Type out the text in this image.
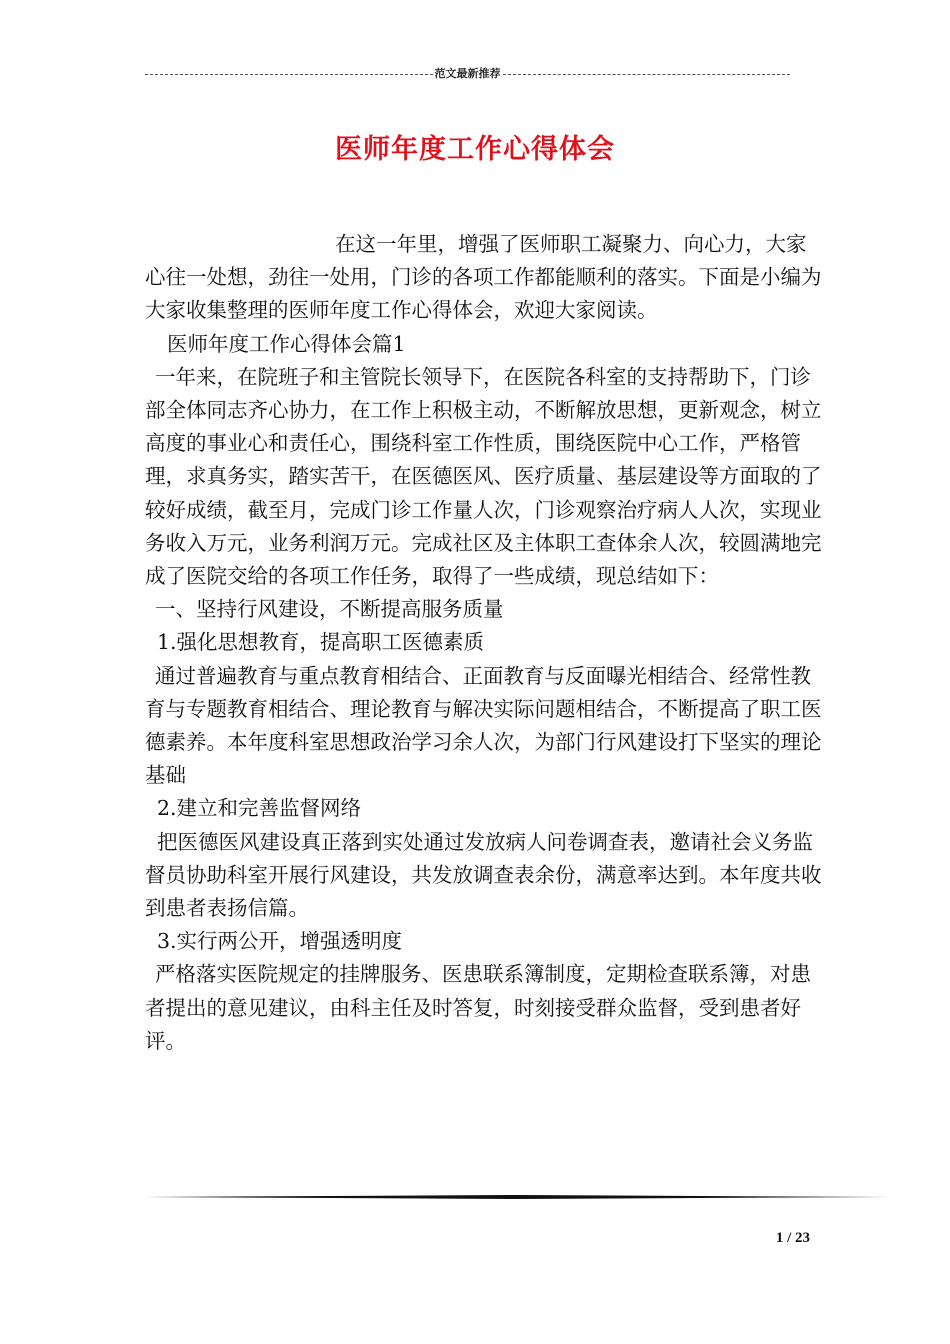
范文最新推荐
医师年度工作心得体会

在这一年里，增强了医师职工凝聚力、向心力，大家心往一处想，劲往一处用，门诊的各项工作都能顺利的落实。下面是小编为大家收集整理的医师年度工作心得体会，欢迎大家阅读。

医师年度工作心得体会篇1

一年来，在院班子和主管院长领导下，在医院各科室的支持帮助下，门诊部全体同志齐心协力，在工作上积极主动，不断解放思想，更新观念，树立高度的事业心和责任心，围绕科室工作性质，围绕医院中心工作，严格管理，求真务实，踏实苦干，在医德医风、医疗质量、基层建设等方面取的了较好成绩，截至月，完成门诊工作量人次，门诊观察治疗病人人次，实现业务收入万元，业务利润万元。完成社区及主体职工查体余人次，较圆满地完成了医院交给的各项工作任务，取得了一些成绩，现总结如下：

一、坚持行风建设，不断提高服务质量

1.强化思想教育，提高职工医德素质

通过普遍教育与重点教育相结合、正面教育与反面曝光相结合、经常性教育与专题教育相结合、理论教育与解决实际问题相结合，不断提高了职工医德素养。本年度科室思想政治学习余人次，为部门行风建设打下坚实的理论基础

2.建立和完善监督网络

把医德医风建设真正落到实处通过发放病人问卷调查表，邀请社会义务监督员协助科室开展行风建设，共发放调查表余份，满意率达到。本年度共收到患者表扬信篇。

3.实行两公开，增强透明度

严格落实医院规定的挂牌服务、医患联系簿制度，定期检查联系簿，对患者提出的意见建议，由科主任及时答复，时刻接受群众监督，受到患者好评。

1 / 23
